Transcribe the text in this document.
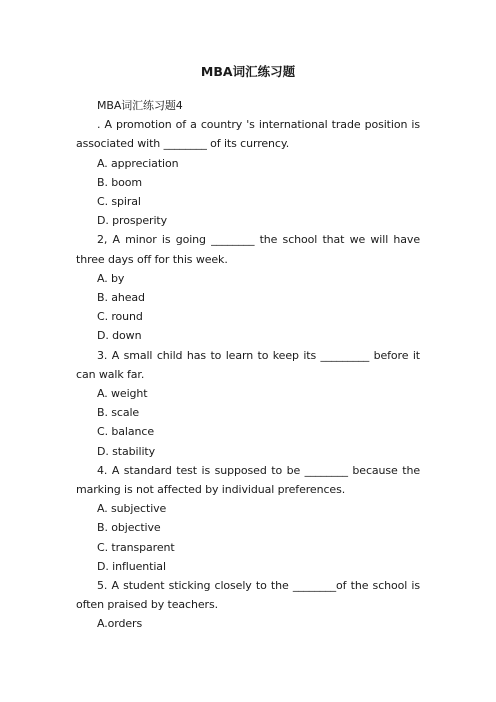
MBA词汇练习题

MBA词汇练习题4

. A promotion of a country 's international trade position is associated with ________ of its currency.

A. appreciation

B. boom

C. spiral

D. prosperity

2, A minor is going ________ the school that we will have three days off for this week.

A. by

B. ahead

C. round

D. down

3. A small child has to learn to keep its _________ before it can walk far.

A. weight

B. scale

C. balance

D. stability

4. A standard test is supposed to be ________ because the marking is not affected by individual preferences.

A. subjective

B. objective

C. transparent

D. influential

5. A student sticking closely to the ________of the school is often praised by teachers.

A.orders
